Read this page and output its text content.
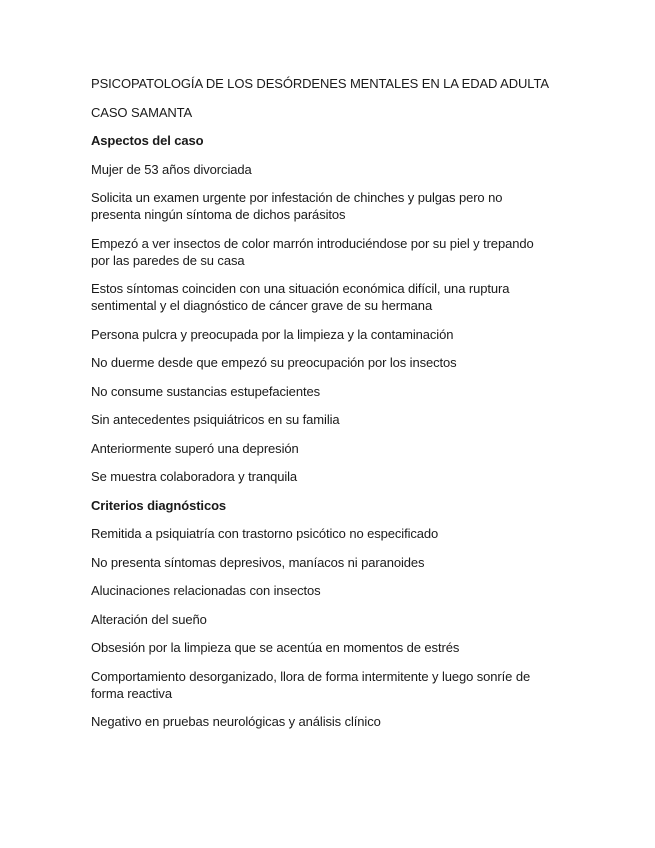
PSICOPATOLOGÍA DE LOS DESÓRDENES MENTALES EN LA EDAD ADULTA

CASO SAMANTA

Aspectos del caso

Mujer de 53 años divorciada

Solicita un examen urgente por infestación de chinches y pulgas pero no presenta ningún síntoma de dichos parásitos

Empezó a ver insectos de color marrón introduciéndose por su piel y trepando por las paredes de su casa

Estos síntomas coinciden con una situación económica difícil, una ruptura sentimental y el diagnóstico de cáncer grave de su hermana

Persona pulcra y preocupada por la limpieza y la contaminación

No duerme desde que empezó su preocupación por los insectos

No consume sustancias estupefacientes

Sin antecedentes psiquiátricos en su familia

Anteriormente superó una depresión

Se muestra colaboradora y tranquila

Criterios diagnósticos

Remitida a psiquiatría con trastorno psicótico no especificado

No presenta síntomas depresivos, maníacos ni paranoides

Alucinaciones relacionadas con insectos

Alteración del sueño

Obsesión por la limpieza que se acentúa en momentos de estrés

Comportamiento desorganizado, llora de forma intermitente y luego sonríe de forma reactiva

Negativo en pruebas neurológicas y análisis clínico
